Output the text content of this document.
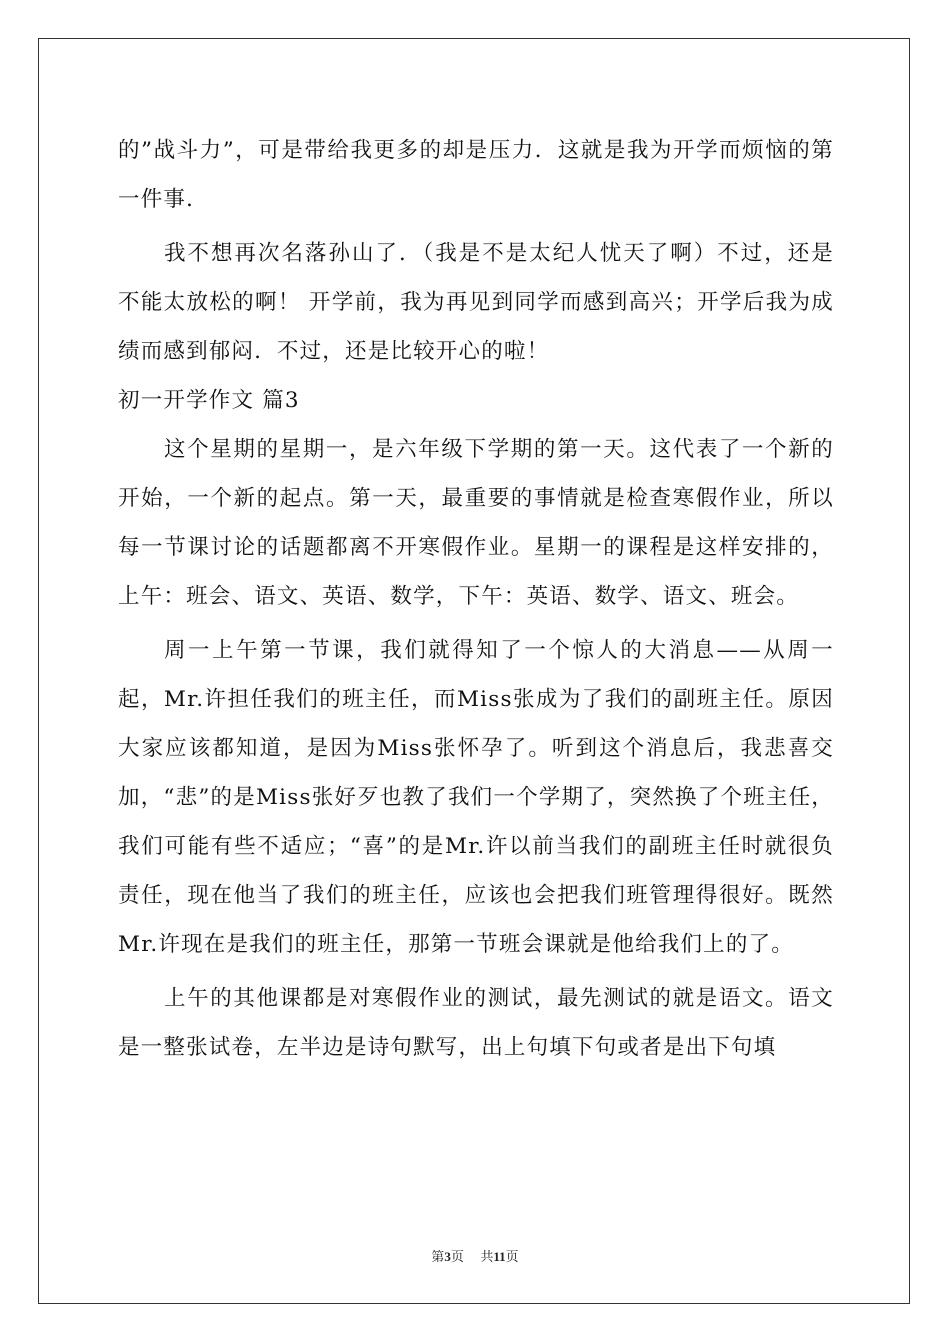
的”战斗力”，可是带给我更多的却是压力．这就是我为开学而烦恼的第一件事．

我不想再次名落孙山了．（我是不是太纪人忧天了啊）不过，还是不能太放松的啊！ 开学前，我为再见到同学而感到高兴；开学后我为成绩而感到郁闷．不过，还是比较开心的啦！

初一开学作文 篇3

这个星期的星期一，是六年级下学期的第一天。这代表了一个新的开始，一个新的起点。第一天，最重要的事情就是检查寒假作业，所以每一节课讨论的话题都离不开寒假作业。星期一的课程是这样安排的，上午：班会、语文、英语、数学，下午：英语、数学、语文、班会。

周一上午第一节课，我们就得知了一个惊人的大消息——从周一起，Mr.许担任我们的班主任，而Miss张成为了我们的副班主任。原因大家应该都知道，是因为Miss张怀孕了。听到这个消息后，我悲喜交加，“悲”的是Miss张好歹也教了我们一个学期了，突然换了个班主任，我们可能有些不适应；“喜”的是Mr.许以前当我们的副班主任时就很负责任，现在他当了我们的班主任，应该也会把我们班管理得很好。既然Mr.许现在是我们的班主任，那第一节班会课就是他给我们上的了。

上午的其他课都是对寒假作业的测试，最先测试的就是语文。语文是一整张试卷，左半边是诗句默写，出上句填下句或者是出下句填

第3页 共11页
